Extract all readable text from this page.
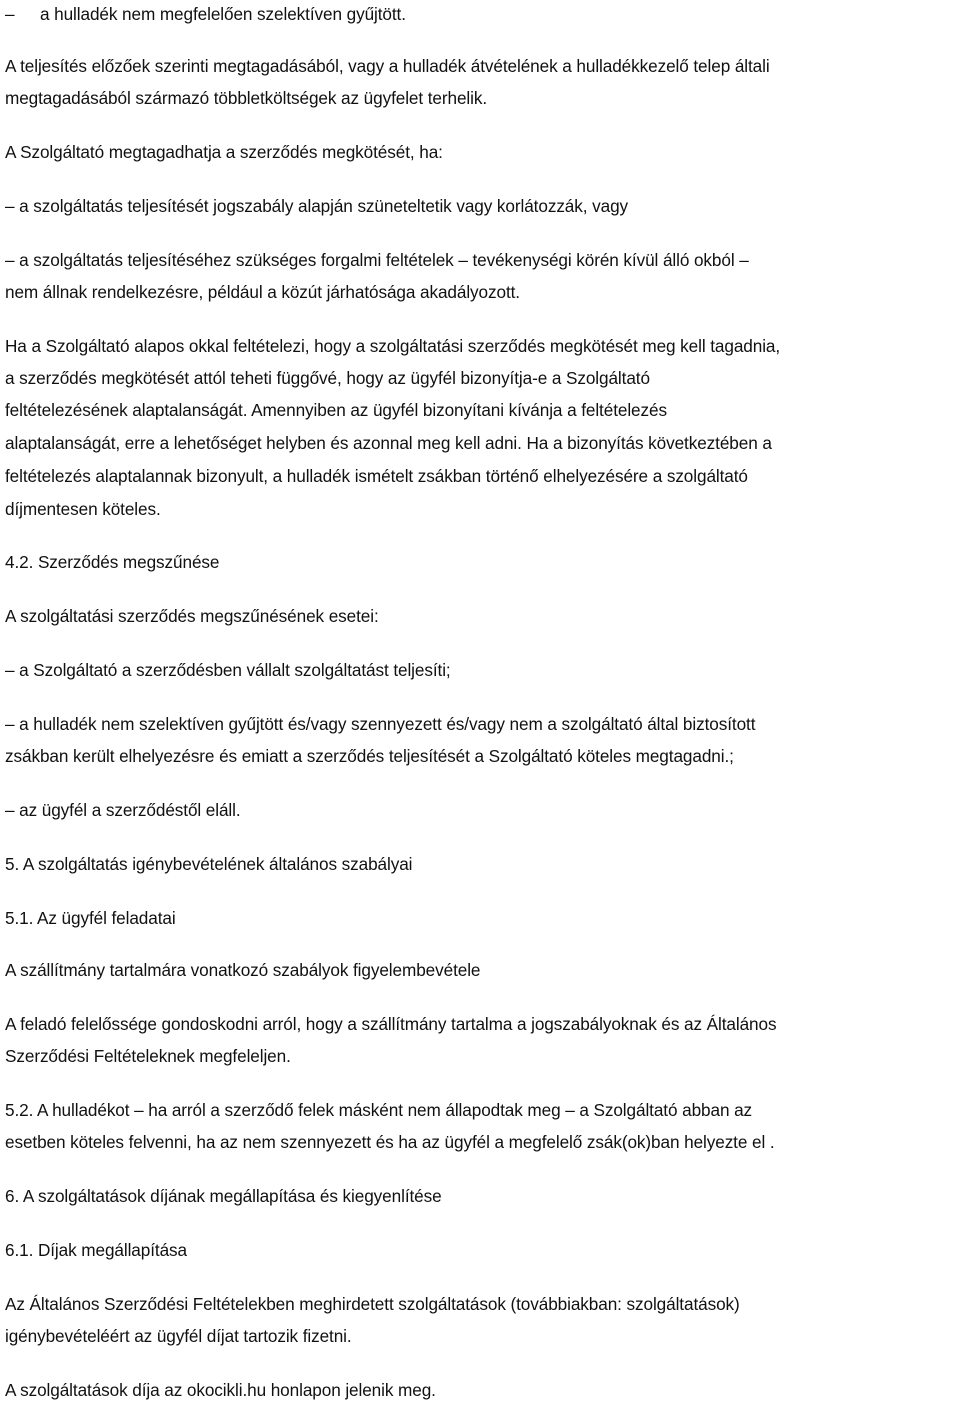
– a hulladék nem megfelelően szelektíven gyűjtött.
A teljesítés előzőek szerinti megtagadásából, vagy a hulladék átvételének a hulladékkezelő telep általi
megtagadásából származó többletköltségek az ügyfelet terhelik.
A Szolgáltató megtagadhatja a szerződés megkötését, ha:
– a szolgáltatás teljesítését jogszabály alapján szüneteltetik vagy korlátozzák, vagy
– a szolgáltatás teljesítéséhez szükséges forgalmi feltételek – tevékenységi körén kívül álló okból –
nem állnak rendelkezésre, például a közút járhatósága akadályozott.
Ha a Szolgáltató alapos okkal feltételezi, hogy a szolgáltatási szerződés megkötését meg kell tagadnia,
a szerződés megkötését attól teheti függővé, hogy az ügyfél bizonyítja-e a Szolgáltató
feltételezésének alaptalanságát. Amennyiben az ügyfél bizonyítani kívánja a feltételezés
alaptalanságát, erre a lehetőséget helyben és azonnal meg kell adni. Ha a bizonyítás következtében a
feltételezés alaptalannak bizonyult, a hulladék ismételt zsákban történő elhelyezésére a szolgáltató
díjmentesen köteles.
4.2. Szerződés megszűnése
A szolgáltatási szerződés megszűnésének esetei:
– a Szolgáltató a szerződésben vállalt szolgáltatást teljesíti;
– a hulladék nem szelektíven gyűjtött és/vagy szennyezett és/vagy nem a szolgáltató által biztosított
zsákban került elhelyezésre és emiatt a szerződés teljesítését a Szolgáltató köteles megtagadni.;
– az ügyfél a szerződéstől eláll.
5. A szolgáltatás igénybevételének általános szabályai
5.1. Az ügyfél feladatai
A szállítmány tartalmára vonatkozó szabályok figyelembevétele
A feladó felelőssége gondoskodni arról, hogy a szállítmány tartalma a jogszabályoknak és az Általános
Szerződési Feltételeknek megfeleljen.
5.2. A hulladékot – ha arról a szerződő felek másként nem állapodtak meg – a Szolgáltató abban az
esetben köteles felvenni, ha az nem szennyezett és ha az ügyfél a megfelelő zsák(ok)ban helyezte el .
6. A szolgáltatások díjának megállapítása és kiegyenlítése
6.1. Díjak megállapítása
Az Általános Szerződési Feltételekben meghirdetett szolgáltatások (továbbiakban: szolgáltatások)
igénybevételéért az ügyfél díjat tartozik fizetni.
A szolgáltatások díja az okocikli.hu honlapon jelenik meg.
